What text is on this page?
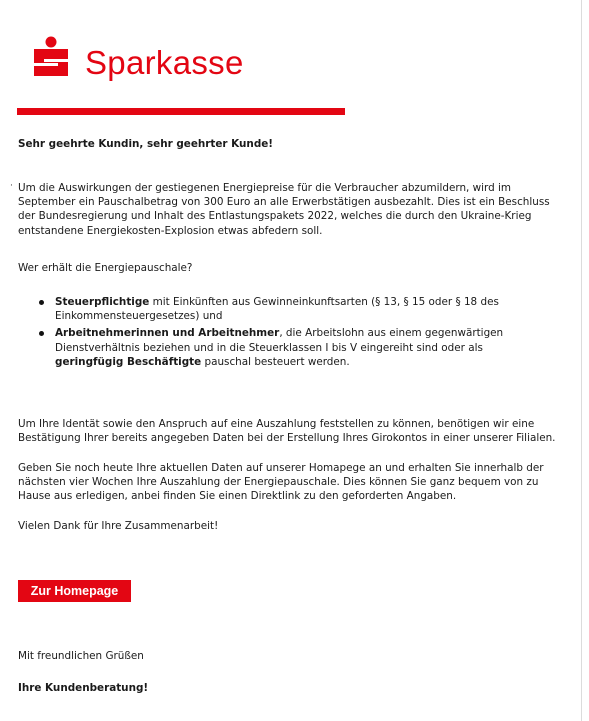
Sparkasse
Sehr geehrte Kundin, sehr geehrter Kunde!
· Um die Auswirkungen der gestiegenen Energiepreise für die Verbraucher abzumildern, wird im September ein Pauschalbetrag von 300 Euro an alle Erwerbstätigen ausbezahlt. Dies ist ein Beschluss der Bundesregierung und Inhalt des Entlastungspakets 2022, welches die durch den Ukraine-Krieg entstandene Energiekosten-Explosion etwas abfedern soll.

Wer erhält die Energiepauschale?

Steuerpflichtige mit Einkünften aus Gewinneinkunftsarten (§ 13, § 15 oder § 18 des Einkommensteuergesetzes) und
Arbeitnehmerinnen und Arbeitnehmer, die Arbeitslohn aus einem gegenwärtigen Dienstverhältnis beziehen und in die Steuerklassen I bis V eingereiht sind oder als geringfügig Beschäftigte pauschal besteuert werden.

Um Ihre Identät sowie den Anspruch auf eine Auszahlung feststellen zu können, benötigen wir eine Bestätigung Ihrer bereits angegeben Daten bei der Erstellung Ihres Girokontos in einer unserer Filialen.

Geben Sie noch heute Ihre aktuellen Daten auf unserer Homapege an und erhalten Sie innerhalb der nächsten vier Wochen Ihre Auszahlung der Energiepauschale. Dies können Sie ganz bequem von zu Hause aus erledigen, anbei finden Sie einen Direktlink zu den geforderten Angaben.

Vielen Dank für Ihre Zusammenarbeit!

Zur Homepage
Mit freundlichen Grüßen
Ihre Kundenberatung!
